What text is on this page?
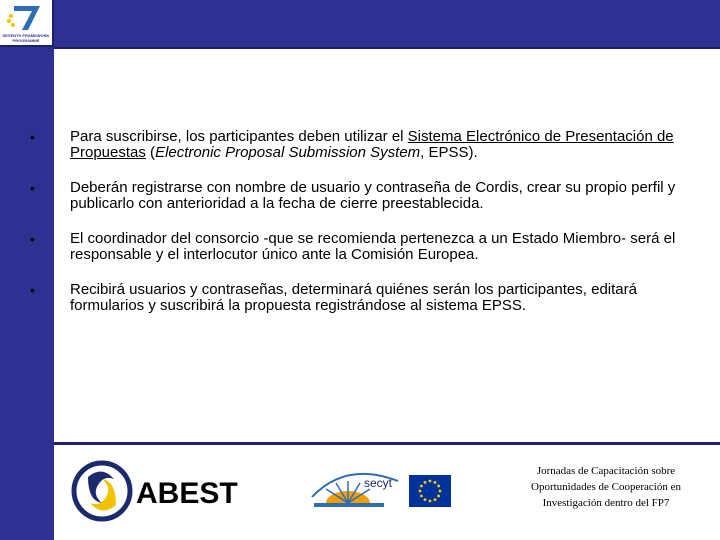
SEVENTH FRAMEWORK PROGRAMME
• Para suscribirse, los participantes deben utilizar el Sistema Electrónico de Presentación de Propuestas (Electronic Proposal Submission System, EPSS).
• Deberán registrarse con nombre de usuario y contraseña de Cordis, crear su propio perfil y publicarlo con anterioridad a la fecha de cierre preestablecida.
• El coordinador del consorcio -que se recomienda pertenezca a un Estado Miembro- será el responsable y el interlocutor único ante la Comisión Europea.
• Recibirá usuarios y contraseñas, determinará quiénes serán los participantes, editará formularios y suscribirá la propuesta registrándose al sistema EPSS.
ABEST	secyt
Jornadas de Capacitación sobre
Oportunidades de Cooperación en
Investigación dentro del FP7
